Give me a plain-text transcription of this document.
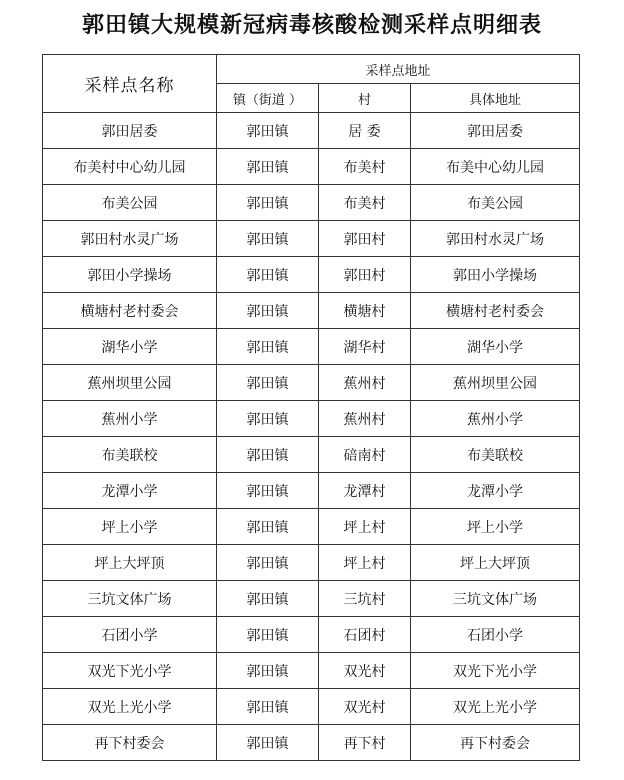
郭田镇大规模新冠病毒核酸检测采样点明细表
采样点名称	采样点地址		
	镇（街道 ）	村	具体地址
郭田居委	郭田镇	居 委	郭田居委
布美村中心幼儿园	郭田镇	布美村	布美中心幼儿园
布美公园	郭田镇	布美村	布美公园
郭田村水灵广场	郭田镇	郭田村	郭田村水灵广场
郭田小学操场	郭田镇	郭田村	郭田小学操场
横塘村老村委会	郭田镇	横塘村	横塘村老村委会
湖华小学	郭田镇	湖华村	湖华小学
蕉州坝里公园	郭田镇	蕉州村	蕉州坝里公园
蕉州小学	郭田镇	蕉州村	蕉州小学
布美联校	郭田镇	碚南村	布美联校
龙潭小学	郭田镇	龙潭村	龙潭小学
坪上小学	郭田镇	坪上村	坪上小学
坪上大坪顶	郭田镇	坪上村	坪上大坪顶
三坑文体广场	郭田镇	三坑村	三坑文体广场
石团小学	郭田镇	石团村	石团小学
双光下光小学	郭田镇	双光村	双光下光小学
双光上光小学	郭田镇	双光村	双光上光小学
再下村委会	郭田镇	再下村	再下村委会
